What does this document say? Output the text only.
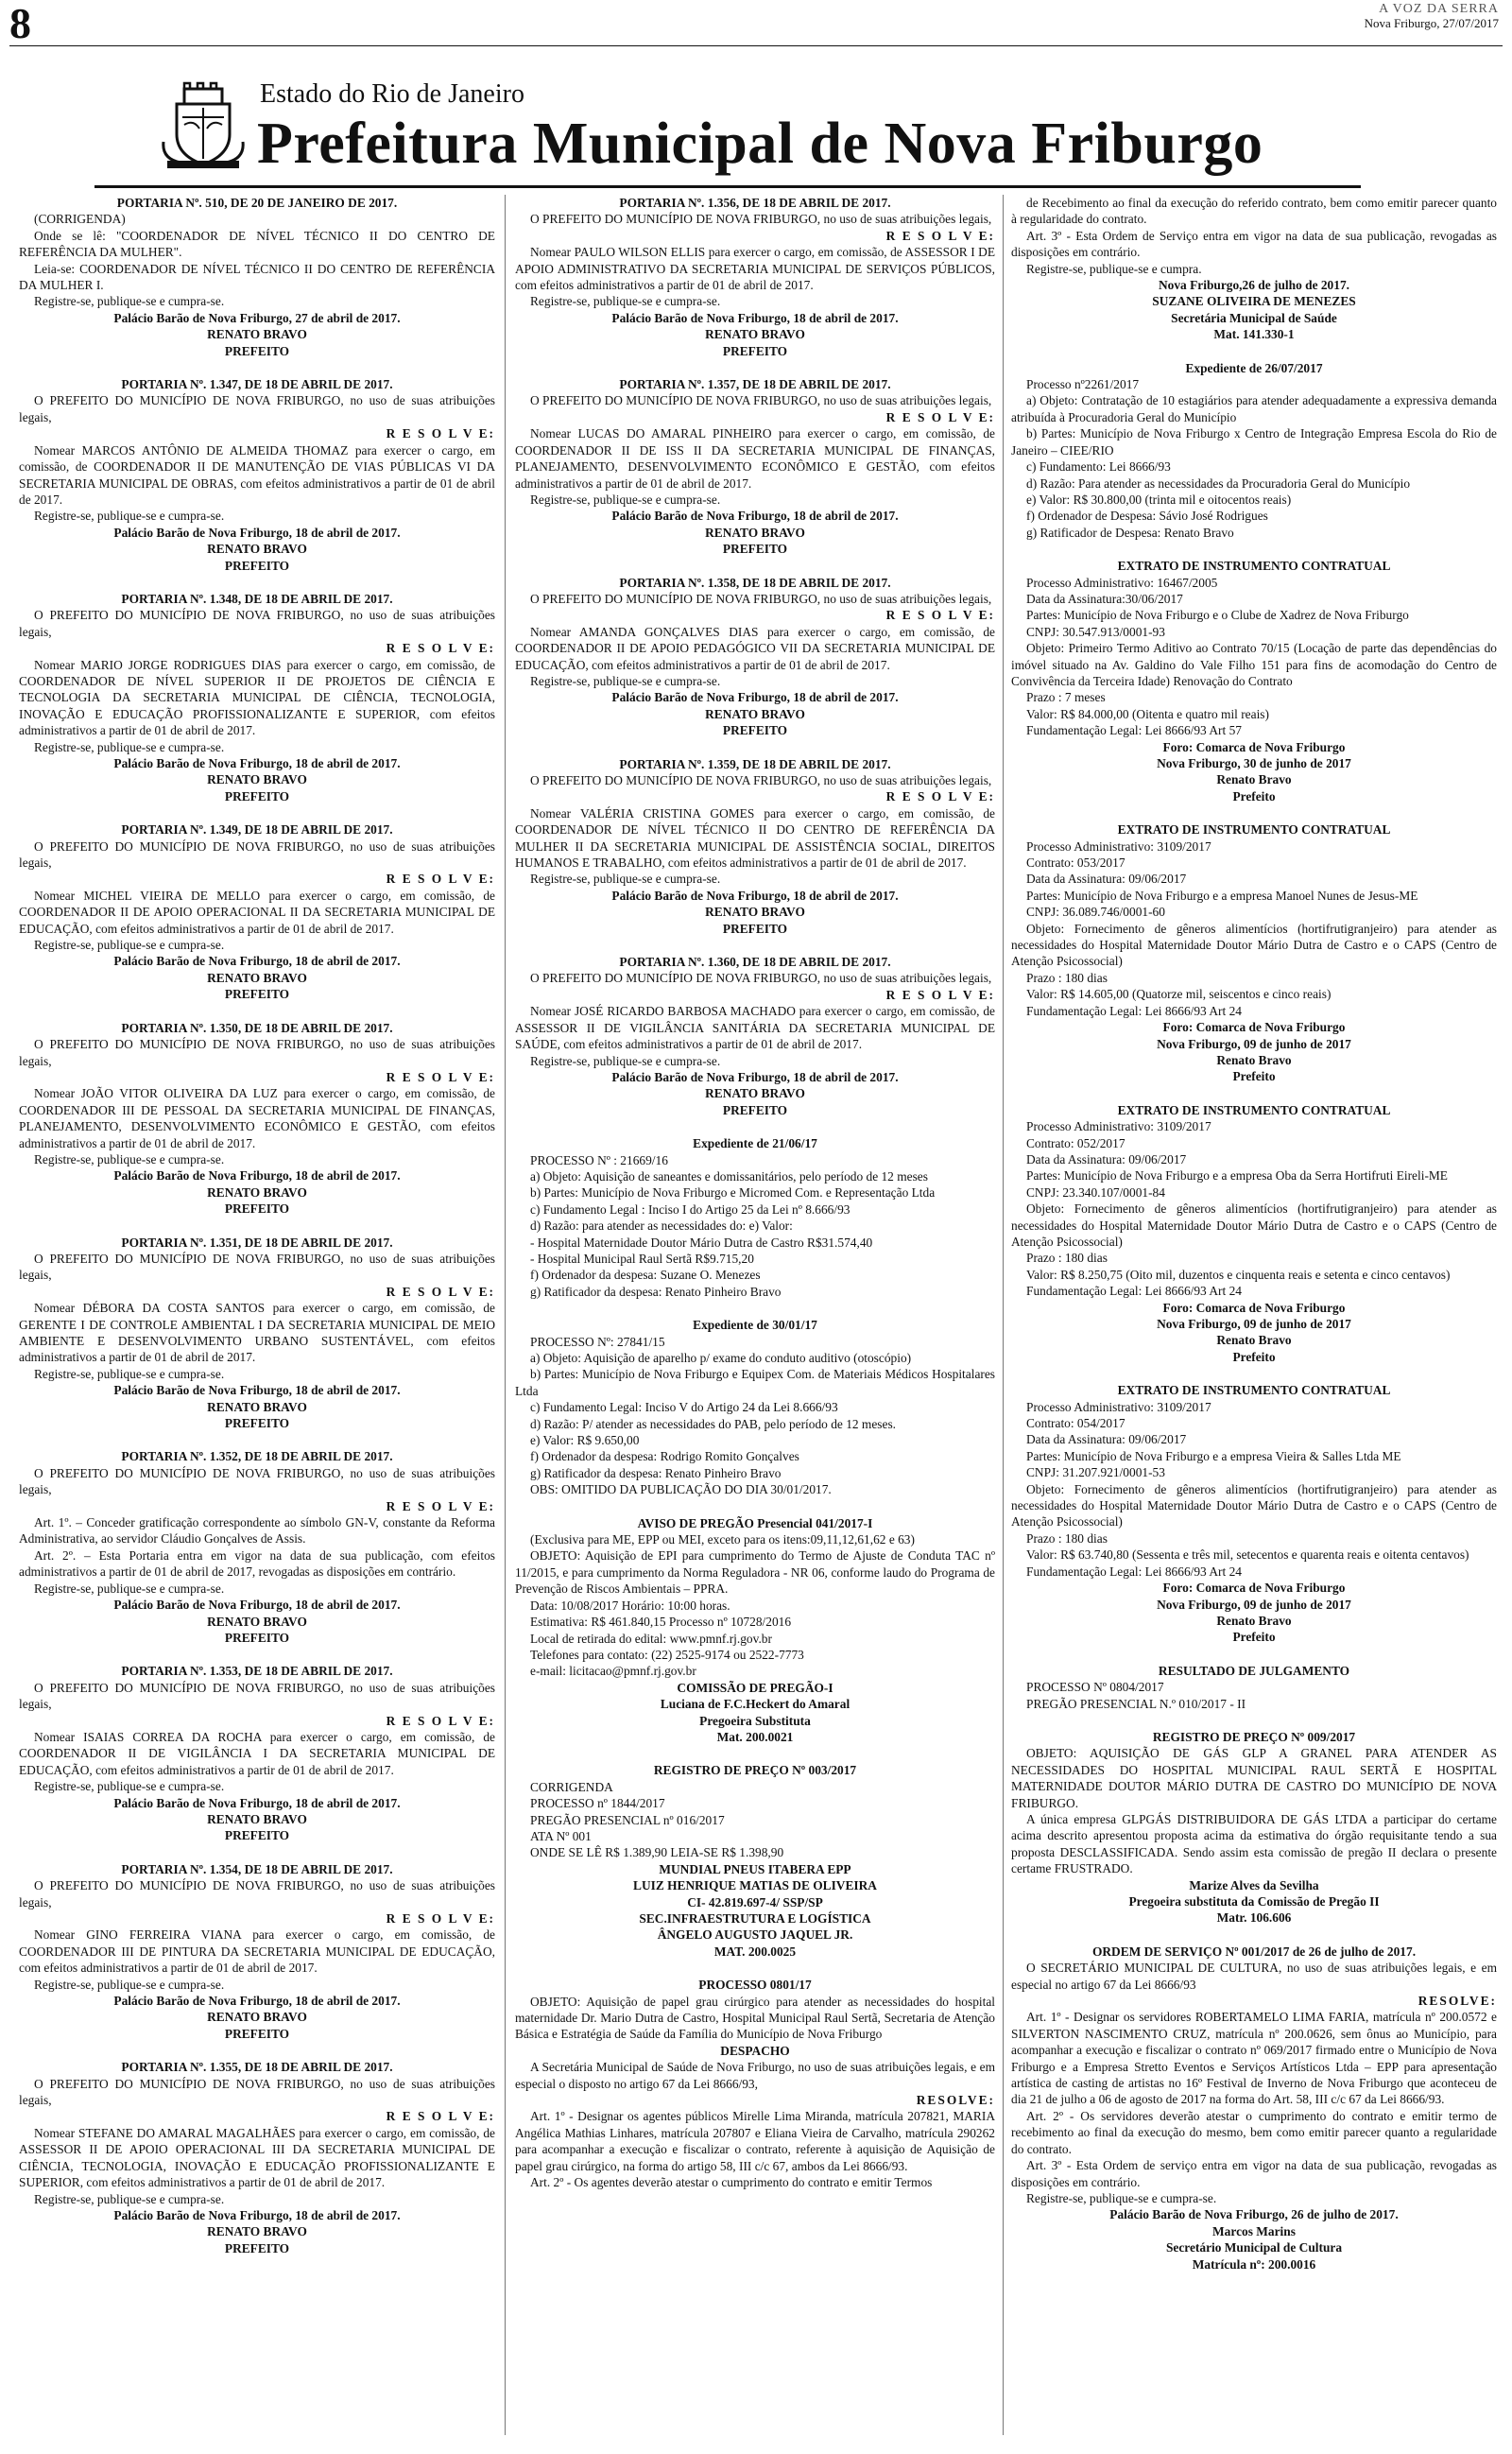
8	A VOZ DA SERRA
Nova Friburgo, 27/07/2017
Estado do Rio de Janeiro
Prefeitura Municipal de Nova Friburgo

PORTARIA Nº. 510, DE 20 DE JANEIRO DE 2017.

(CORRIGENDA)

Onde se lê: "COORDENADOR DE NÍVEL TÉCNICO II DO CENTRO DE REFERÊNCIA DA MULHER".

Leia-se: COORDENADOR DE NÍVEL TÉCNICO II DO CENTRO DE REFERÊNCIA DA MULHER I.

Registre-se, publique-se e cumpra-se.

Palácio Barão de Nova Friburgo, 27 de abril de 2017.

RENATO BRAVO

PREFEITO

PORTARIA Nº. 1.347, DE 18 DE ABRIL DE 2017.

O PREFEITO DO MUNICÍPIO DE NOVA FRIBURGO, no uso de suas atribuições legais,

R E S O L V E:

Nomear MARCOS ANTÔNIO DE ALMEIDA THOMAZ para exercer o cargo, em comissão, de COORDENADOR II DE MANUTENÇÃO DE VIAS PÚBLICAS VI DA SECRETARIA MUNICIPAL DE OBRAS, com efeitos administrativos a partir de 01 de abril de 2017.

Registre-se, publique-se e cumpra-se.

Palácio Barão de Nova Friburgo, 18 de abril de 2017.

RENATO BRAVO

PREFEITO

PORTARIA Nº. 1.348, DE 18 DE ABRIL DE 2017.

O PREFEITO DO MUNICÍPIO DE NOVA FRIBURGO, no uso de suas atribuições legais,

R E S O L V E:

Nomear MARIO JORGE RODRIGUES DIAS para exercer o cargo, em comissão, de COORDENADOR DE NÍVEL SUPERIOR II DE PROJETOS DE CIÊNCIA E TECNOLOGIA DA SECRETARIA MUNICIPAL DE CIÊNCIA, TECNOLOGIA, INOVAÇÃO E EDUCAÇÃO PROFISSIONALIZANTE E SUPERIOR, com efeitos administrativos a partir de 01 de abril de 2017.

Registre-se, publique-se e cumpra-se.

Palácio Barão de Nova Friburgo, 18 de abril de 2017.

RENATO BRAVO

PREFEITO

PORTARIA Nº. 1.349, DE 18 DE ABRIL DE 2017.

O PREFEITO DO MUNICÍPIO DE NOVA FRIBURGO, no uso de suas atribuições legais,

R E S O L V E:

Nomear MICHEL VIEIRA DE MELLO para exercer o cargo, em comissão, de COORDENADOR II DE APOIO OPERACIONAL II DA SECRETARIA MUNICIPAL DE EDUCAÇÃO, com efeitos administrativos a partir de 01 de abril de 2017.

Registre-se, publique-se e cumpra-se.

Palácio Barão de Nova Friburgo, 18 de abril de 2017.

RENATO BRAVO

PREFEITO

PORTARIA Nº. 1.350, DE 18 DE ABRIL DE 2017.

O PREFEITO DO MUNICÍPIO DE NOVA FRIBURGO, no uso de suas atribuições legais,

R E S O L V E:

Nomear JOÃO VITOR OLIVEIRA DA LUZ para exercer o cargo, em comissão, de COORDENADOR III DE PESSOAL DA SECRETARIA MUNICIPAL DE FINANÇAS, PLANEJAMENTO, DESENVOLVIMENTO ECONÔMICO E GESTÃO, com efeitos administrativos a partir de 01 de abril de 2017.

Registre-se, publique-se e cumpra-se.

Palácio Barão de Nova Friburgo, 18 de abril de 2017.

RENATO BRAVO

PREFEITO

PORTARIA Nº. 1.351, DE 18 DE ABRIL DE 2017.

O PREFEITO DO MUNICÍPIO DE NOVA FRIBURGO, no uso de suas atribuições legais,

R E S O L V E:

Nomear DÉBORA DA COSTA SANTOS para exercer o cargo, em comissão, de GERENTE I DE CONTROLE AMBIENTAL I DA SECRETARIA MUNICIPAL DE MEIO AMBIENTE E DESENVOLVIMENTO URBANO SUSTENTÁVEL, com efeitos administrativos a partir de 01 de abril de 2017.

Registre-se, publique-se e cumpra-se.

Palácio Barão de Nova Friburgo, 18 de abril de 2017.

RENATO BRAVO

PREFEITO

PORTARIA Nº. 1.352, DE 18 DE ABRIL DE 2017.

O PREFEITO DO MUNICÍPIO DE NOVA FRIBURGO, no uso de suas atribuições legais,

R E S O L V E:

Art. 1º. – Conceder gratificação correspondente ao símbolo GN-V, constante da Reforma Administrativa, ao servidor Cláudio Gonçalves de Assis.

Art. 2º. – Esta Portaria entra em vigor na data de sua publicação, com efeitos administrativos a partir de 01 de abril de 2017, revogadas as disposições em contrário.

Registre-se, publique-se e cumpra-se.

Palácio Barão de Nova Friburgo, 18 de abril de 2017.

RENATO BRAVO

PREFEITO

PORTARIA Nº. 1.353, DE 18 DE ABRIL DE 2017.

O PREFEITO DO MUNICÍPIO DE NOVA FRIBURGO, no uso de suas atribuições legais,

R E S O L V E:

Nomear ISAIAS CORREA DA ROCHA para exercer o cargo, em comissão, de COORDENADOR II DE VIGILÂNCIA I DA SECRETARIA MUNICIPAL DE EDUCAÇÃO, com efeitos administrativos a partir de 01 de abril de 2017.

Registre-se, publique-se e cumpra-se.

Palácio Barão de Nova Friburgo, 18 de abril de 2017.

RENATO BRAVO

PREFEITO

PORTARIA Nº. 1.354, DE 18 DE ABRIL DE 2017.

O PREFEITO DO MUNICÍPIO DE NOVA FRIBURGO, no uso de suas atribuições legais,

R E S O L V E:

Nomear GINO FERREIRA VIANA para exercer o cargo, em comissão, de COORDENADOR III DE PINTURA DA SECRETARIA MUNICIPAL DE EDUCAÇÃO, com efeitos administrativos a partir de 01 de abril de 2017.

Registre-se, publique-se e cumpra-se.

Palácio Barão de Nova Friburgo, 18 de abril de 2017.

RENATO BRAVO

PREFEITO

PORTARIA Nº. 1.355, DE 18 DE ABRIL DE 2017.

O PREFEITO DO MUNICÍPIO DE NOVA FRIBURGO, no uso de suas atribuições legais,

R E S O L V E:

Nomear STEFANE DO AMARAL MAGALHÃES para exercer o cargo, em comissão, de ASSESSOR II DE APOIO OPERACIONAL III DA SECRETARIA MUNICIPAL DE CIÊNCIA, TECNOLOGIA, INOVAÇÃO E EDUCAÇÃO PROFISSIONALIZANTE E SUPERIOR, com efeitos administrativos a partir de 01 de abril de 2017.

Registre-se, publique-se e cumpra-se.

Palácio Barão de Nova Friburgo, 18 de abril de 2017.

RENATO BRAVO

PREFEITO

PORTARIA Nº. 1.356, DE 18 DE ABRIL DE 2017.

O PREFEITO DO MUNICÍPIO DE NOVA FRIBURGO, no uso de suas atribuições legais,

R E S O L V E:

Nomear PAULO WILSON ELLIS para exercer o cargo, em comissão, de ASSESSOR I DE APOIO ADMINISTRATIVO DA SECRETARIA MUNICIPAL DE SERVIÇOS PÚBLICOS, com efeitos administrativos a partir de 01 de abril de 2017.

Registre-se, publique-se e cumpra-se.

Palácio Barão de Nova Friburgo, 18 de abril de 2017.

RENATO BRAVO

PREFEITO

PORTARIA Nº. 1.357, DE 18 DE ABRIL DE 2017.

O PREFEITO DO MUNICÍPIO DE NOVA FRIBURGO, no uso de suas atribuições legais,

R E S O L V E:

Nomear LUCAS DO AMARAL PINHEIRO para exercer o cargo, em comissão, de COORDENADOR II DE ISS II DA SECRETARIA MUNICIPAL DE FINANÇAS, PLANEJAMENTO, DESENVOLVIMENTO ECONÔMICO E GESTÃO, com efeitos administrativos a partir de 01 de abril de 2017.

Registre-se, publique-se e cumpra-se.

Palácio Barão de Nova Friburgo, 18 de abril de 2017.

RENATO BRAVO

PREFEITO

PORTARIA Nº. 1.358, DE 18 DE ABRIL DE 2017.

O PREFEITO DO MUNICÍPIO DE NOVA FRIBURGO, no uso de suas atribuições legais,

R E S O L V E:

Nomear AMANDA GONÇALVES DIAS para exercer o cargo, em comissão, de COORDENADOR II DE APOIO PEDAGÓGICO VII DA SECRETARIA MUNICIPAL DE EDUCAÇÃO, com efeitos administrativos a partir de 01 de abril de 2017.

Registre-se, publique-se e cumpra-se.

Palácio Barão de Nova Friburgo, 18 de abril de 2017.

RENATO BRAVO

PREFEITO

PORTARIA Nº. 1.359, DE 18 DE ABRIL DE 2017.

O PREFEITO DO MUNICÍPIO DE NOVA FRIBURGO, no uso de suas atribuições legais,

R E S O L V E:

Nomear VALÉRIA CRISTINA GOMES para exercer o cargo, em comissão, de COORDENADOR DE NÍVEL TÉCNICO II DO CENTRO DE REFERÊNCIA DA MULHER II DA SECRETARIA MUNICIPAL DE ASSISTÊNCIA SOCIAL, DIREITOS HUMANOS E TRABALHO, com efeitos administrativos a partir de 01 de abril de 2017.

Registre-se, publique-se e cumpra-se.

Palácio Barão de Nova Friburgo, 18 de abril de 2017.

RENATO BRAVO

PREFEITO

PORTARIA Nº. 1.360, DE 18 DE ABRIL DE 2017.

O PREFEITO DO MUNICÍPIO DE NOVA FRIBURGO, no uso de suas atribuições legais,

R E S O L V E:

Nomear JOSÉ RICARDO BARBOSA MACHADO para exercer o cargo, em comissão, de ASSESSOR II DE VIGILÂNCIA SANITÁRIA DA SECRETARIA MUNICIPAL DE SAÚDE, com efeitos administrativos a partir de 01 de abril de 2017.

Registre-se, publique-se e cumpra-se.

Palácio Barão de Nova Friburgo, 18 de abril de 2017.

RENATO BRAVO

PREFEITO

Expediente de 21/06/17

PROCESSO Nº : 21669/16

a) Objeto: Aquisição de saneantes e domissanitários, pelo período de 12 meses

b) Partes: Município de Nova Friburgo e Micromed Com. e Representação Ltda

c) Fundamento Legal : Inciso I do Artigo 25 da Lei nº 8.666/93

d) Razão: para atender as necessidades do: e) Valor:

- Hospital Maternidade Doutor Mário Dutra de Castro R$31.574,40

- Hospital Municipal Raul Sertã R$9.715,20

f) Ordenador da despesa: Suzane O. Menezes

g) Ratificador da despesa: Renato Pinheiro Bravo

Expediente de 30/01/17

PROCESSO Nº: 27841/15

a) Objeto: Aquisição de aparelho p/ exame do conduto auditivo (otoscópio)

b) Partes: Município de Nova Friburgo e Equipex Com. de Materiais Médicos Hospitalares Ltda

c) Fundamento Legal: Inciso V do Artigo 24 da Lei 8.666/93

d) Razão: P/ atender as necessidades do PAB, pelo período de 12 meses.

e) Valor: R$ 9.650,00

f) Ordenador da despesa: Rodrigo Romito Gonçalves

g) Ratificador da despesa: Renato Pinheiro Bravo

OBS: OMITIDO DA PUBLICAÇÃO DO DIA 30/01/2017.

AVISO DE PREGÃO Presencial 041/2017-I

(Exclusiva para ME, EPP ou MEI, exceto para os itens:09,11,12,61,62 e 63)

OBJETO: Aquisição de EPI para cumprimento do Termo de Ajuste de Conduta TAC nº 11/2015, e para cumprimento da Norma Reguladora - NR 06, conforme laudo do Programa de Prevenção de Riscos Ambientais – PPRA.

Data: 10/08/2017 Horário: 10:00 horas.

Estimativa: R$ 461.840,15 Processo nº 10728/2016

Local de retirada do edital: www.pmnf.rj.gov.br

Telefones para contato: (22) 2525-9174 ou 2522-7773

e-mail: licitacao@pmnf.rj.gov.br

COMISSÃO DE PREGÃO-I

Luciana de F.C.Heckert do Amaral

Pregoeira Substituta

Mat. 200.0021

REGISTRO DE PREÇO Nº 003/2017

CORRIGENDA

PROCESSO nº 1844/2017

PREGÃO PRESENCIAL nº 016/2017

ATA Nº 001

ONDE SE LÊ R$ 1.389,90 LEIA-SE R$ 1.398,90

MUNDIAL PNEUS ITABERA EPP

LUIZ HENRIQUE MATIAS DE OLIVEIRA

CI- 42.819.697-4/ SSP/SP

SEC.INFRAESTRUTURA E LOGÍSTICA

ÂNGELO AUGUSTO JAQUEL JR.

MAT. 200.0025

PROCESSO 0801/17

OBJETO: Aquisição de papel grau cirúrgico para atender as necessidades do hospital maternidade Dr. Mario Dutra de Castro, Hospital Municipal Raul Sertã, Secretaria de Atenção Básica e Estratégia de Saúde da Família do Município de Nova Friburgo

DESPACHO

A Secretária Municipal de Saúde de Nova Friburgo, no uso de suas atribuições legais, e em especial o disposto no artigo 67 da Lei 8666/93,

RESOLVE:

Art. 1º - Designar os agentes públicos Mirelle Lima Miranda, matrícula 207821, MARIA Angélica Mathias Linhares, matrícula 207807 e Eliana Vieira de Carvalho, matrícula 290262 para acompanhar a execução e fiscalizar o contrato, referente à aquisição de Aquisição de papel grau cirúrgico, na forma do artigo 58, III c/c 67, ambos da Lei 8666/93.

Art. 2º - Os agentes deverão atestar o cumprimento do contrato e emitir Termos

de Recebimento ao final da execução do referido contrato, bem como emitir parecer quanto à regularidade do contrato.

Art. 3º - Esta Ordem de Serviço entra em vigor na data de sua publicação, revogadas as disposições em contrário.

Registre-se, publique-se e cumpra.

Nova Friburgo,26 de julho de 2017.

SUZANE OLIVEIRA DE MENEZES

Secretária Municipal de Saúde

Mat. 141.330-1

Expediente de 26/07/2017

Processo nº2261/2017

a) Objeto: Contratação de 10 estagiários para atender adequadamente a expressiva demanda atribuída à Procuradoria Geral do Município

b) Partes: Município de Nova Friburgo x Centro de Integração Empresa Escola do Rio de Janeiro – CIEE/RIO

c) Fundamento: Lei 8666/93

d) Razão: Para atender as necessidades da Procuradoria Geral do Município

e) Valor: R$ 30.800,00 (trinta mil e oitocentos reais)

f) Ordenador de Despesa: Sávio José Rodrigues

g) Ratificador de Despesa: Renato Bravo

EXTRATO DE INSTRUMENTO CONTRATUAL

Processo Administrativo: 16467/2005

Data da Assinatura:30/06/2017

Partes: Município de Nova Friburgo e o Clube de Xadrez de Nova Friburgo

CNPJ: 30.547.913/0001-93

Objeto: Primeiro Termo Aditivo ao Contrato 70/15 (Locação de parte das dependências do imóvel situado na Av. Galdino do Vale Filho 151 para fins de acomodação do Centro de Convivência da Terceira Idade) Renovação do Contrato

Prazo : 7 meses

Valor: R$ 84.000,00 (Oitenta e quatro mil reais)

Fundamentação Legal: Lei 8666/93 Art 57

Foro: Comarca de Nova Friburgo

Nova Friburgo, 30 de junho de 2017

Renato Bravo

Prefeito

EXTRATO DE INSTRUMENTO CONTRATUAL

Processo Administrativo: 3109/2017

Contrato: 053/2017

Data da Assinatura: 09/06/2017

Partes: Município de Nova Friburgo e a empresa Manoel Nunes de Jesus-ME

CNPJ: 36.089.746/0001-60

Objeto: Fornecimento de gêneros alimentícios (hortifrutigranjeiro) para atender as necessidades do Hospital Maternidade Doutor Mário Dutra de Castro e o CAPS (Centro de Atenção Psicossocial)

Prazo : 180 dias

Valor: R$ 14.605,00 (Quatorze mil, seiscentos e cinco reais)

Fundamentação Legal: Lei 8666/93 Art 24

Foro: Comarca de Nova Friburgo

Nova Friburgo, 09 de junho de 2017

Renato Bravo

Prefeito

EXTRATO DE INSTRUMENTO CONTRATUAL

Processo Administrativo: 3109/2017

Contrato: 052/2017

Data da Assinatura: 09/06/2017

Partes: Município de Nova Friburgo e a empresa Oba da Serra Hortifruti Eireli-ME

CNPJ: 23.340.107/0001-84

Objeto: Fornecimento de gêneros alimentícios (hortifrutigranjeiro) para atender as necessidades do Hospital Maternidade Doutor Mário Dutra de Castro e o CAPS (Centro de Atenção Psicossocial)

Prazo : 180 dias

Valor: R$ 8.250,75 (Oito mil, duzentos e cinquenta reais e setenta e cinco centavos)

Fundamentação Legal: Lei 8666/93 Art 24

Foro: Comarca de Nova Friburgo

Nova Friburgo, 09 de junho de 2017

Renato Bravo

Prefeito

EXTRATO DE INSTRUMENTO CONTRATUAL

Processo Administrativo: 3109/2017

Contrato: 054/2017

Data da Assinatura: 09/06/2017

Partes: Município de Nova Friburgo e a empresa Vieira & Salles Ltda ME

CNPJ: 31.207.921/0001-53

Objeto: Fornecimento de gêneros alimentícios (hortifrutigranjeiro) para atender as necessidades do Hospital Maternidade Doutor Mário Dutra de Castro e o CAPS (Centro de Atenção Psicossocial)

Prazo : 180 dias

Valor: R$ 63.740,80 (Sessenta e três mil, setecentos e quarenta reais e oitenta centavos)

Fundamentação Legal: Lei 8666/93 Art 24

Foro: Comarca de Nova Friburgo

Nova Friburgo, 09 de junho de 2017

Renato Bravo

Prefeito

RESULTADO DE JULGAMENTO

PROCESSO Nº 0804/2017

PREGÃO PRESENCIAL N.º 010/2017 - II

REGISTRO DE PREÇO Nº 009/2017

OBJETO: AQUISIÇÃO DE GÁS GLP A GRANEL PARA ATENDER AS NECESSIDADES DO HOSPITAL MUNICIPAL RAUL SERTÃ E HOSPITAL MATERNIDADE DOUTOR MÁRIO DUTRA DE CASTRO DO MUNICÍPIO DE NOVA FRIBURGO.

A única empresa GLPGÁS DISTRIBUIDORA DE GÁS LTDA a participar do certame acima descrito apresentou proposta acima da estimativa do órgão requisitante tendo a sua proposta DESCLASSIFICADA. Sendo assim esta comissão de pregão II declara o presente certame FRUSTRADO.

Marize Alves da Sevilha

Pregoeira substituta da Comissão de Pregão II

Matr. 106.606

ORDEM DE SERVIÇO Nº 001/2017 de 26 de julho de 2017.

O SECRETÁRIO MUNICIPAL DE CULTURA, no uso de suas atribuições legais, e em especial no artigo 67 da Lei 8666/93

RESOLVE:

Art. 1º - Designar os servidores ROBERTAMELO LIMA FARIA, matrícula nº 200.0572 e SILVERTON NASCIMENTO CRUZ, matrícula nº 200.0626, sem ônus ao Município, para acompanhar a execução e fiscalizar o contrato nº 069/2017 firmado entre o Município de Nova Friburgo e a Empresa Stretto Eventos e Serviços Artísticos Ltda – EPP para apresentação artística de casting de artistas no 16º Festival de Inverno de Nova Friburgo que aconteceu de dia 21 de julho a 06 de agosto de 2017 na forma do Art. 58, III c/c 67 da Lei 8666/93.

Art. 2º - Os servidores deverão atestar o cumprimento do contrato e emitir termo de recebimento ao final da execução do mesmo, bem como emitir parecer quanto a regularidade do contrato.

Art. 3º - Esta Ordem de serviço entra em vigor na data de sua publicação, revogadas as disposições em contrário.

Registre-se, publique-se e cumpra-se.

Palácio Barão de Nova Friburgo, 26 de julho de 2017.

Marcos Marins

Secretário Municipal de Cultura

Matrícula nº: 200.0016
